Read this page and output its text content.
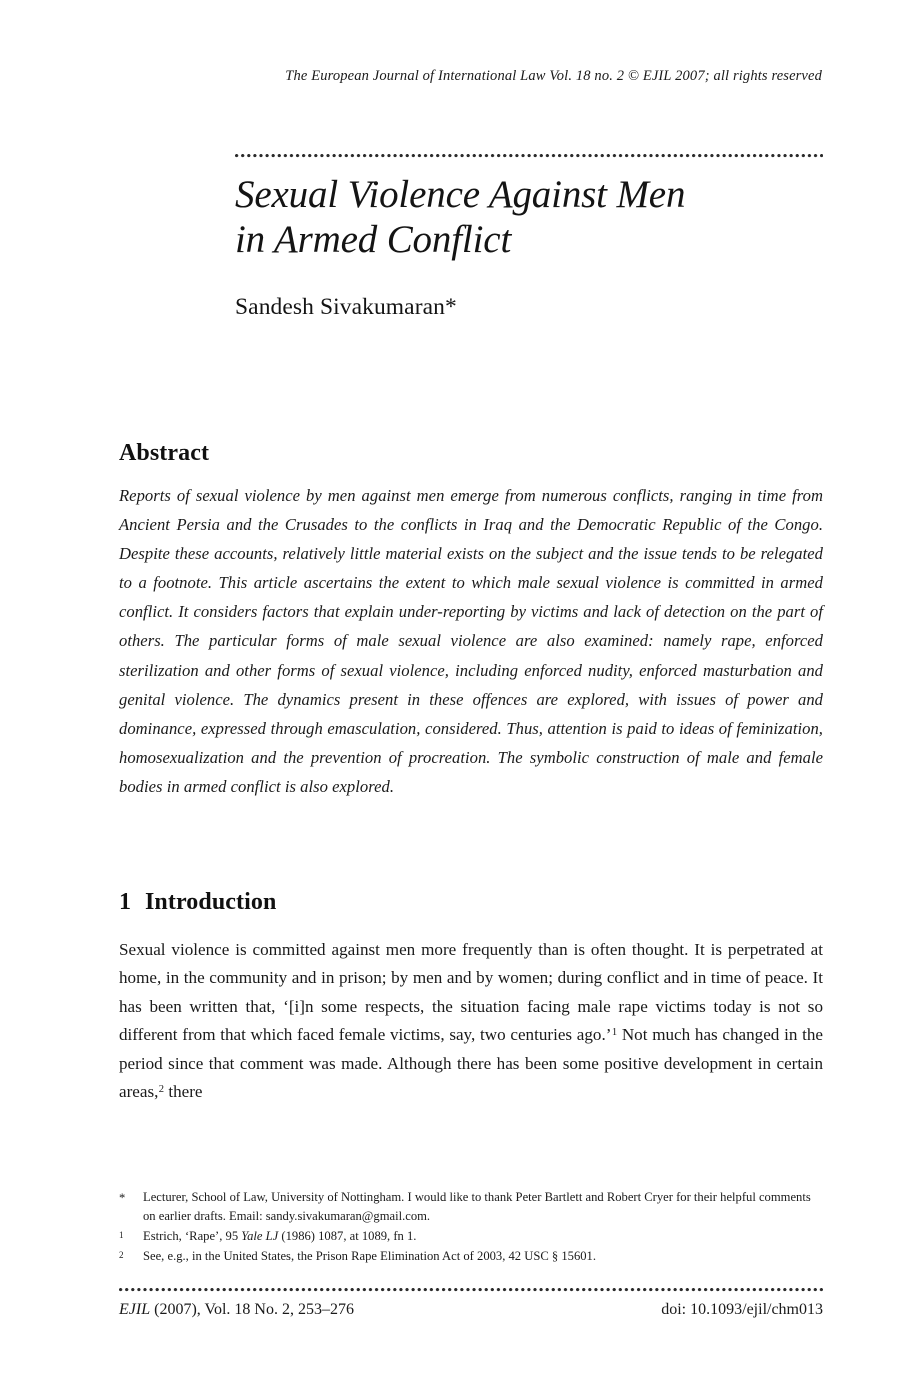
The European Journal of International Law Vol. 18 no. 2 © EJIL 2007; all rights reserved
Sexual Violence Against Men
in Armed Conflict

Sandesh Sivakumaran*

Abstract

Reports of sexual violence by men against men emerge from numerous conflicts, ranging in time from Ancient Persia and the Crusades to the conflicts in Iraq and the Democratic Republic of the Congo. Despite these accounts, relatively little material exists on the subject and the issue tends to be relegated to a footnote. This article ascertains the extent to which male sexual violence is committed in armed conflict. It considers factors that explain under-reporting by victims and lack of detection on the part of others. The particular forms of male sexual violence are also examined: namely rape, enforced sterilization and other forms of sexual violence, including enforced nudity, enforced masturbation and genital violence. The dynamics present in these offences are explored, with issues of power and dominance, expressed through emasculation, considered. Thus, attention is paid to ideas of feminization, homosexualization and the prevention of procreation. The symbolic construction of male and female bodies in armed conflict is also explored.

1 Introduction

Sexual violence is committed against men more frequently than is often thought. It is perpetrated at home, in the community and in prison; by men and by women; during conflict and in time of peace. It has been written that, ‘[i]n some respects, the situation facing male rape victims today is not so different from that which faced female victims, say, two centuries ago.’$^1$ Not much has changed in the period since that comment was made. Although there has been some positive development in certain areas,$^2$ there

*	Lecturer, School of Law, University of Nottingham. I would like to thank Peter Bartlett and Robert Cryer for their helpful comments on earlier drafts. Email: sandy.sivakumaran@gmail.com.
1	Estrich, ‘Rape’, 95 Yale LJ (1986) 1087, at 1089, fn 1.
2	See, e.g., in the United States, the Prison Rape Elimination Act of 2003, 42 USC § 15601.
EJIL (2007), Vol. 18 No. 2, 253–276	doi: 10.1093/ejil/chm013
